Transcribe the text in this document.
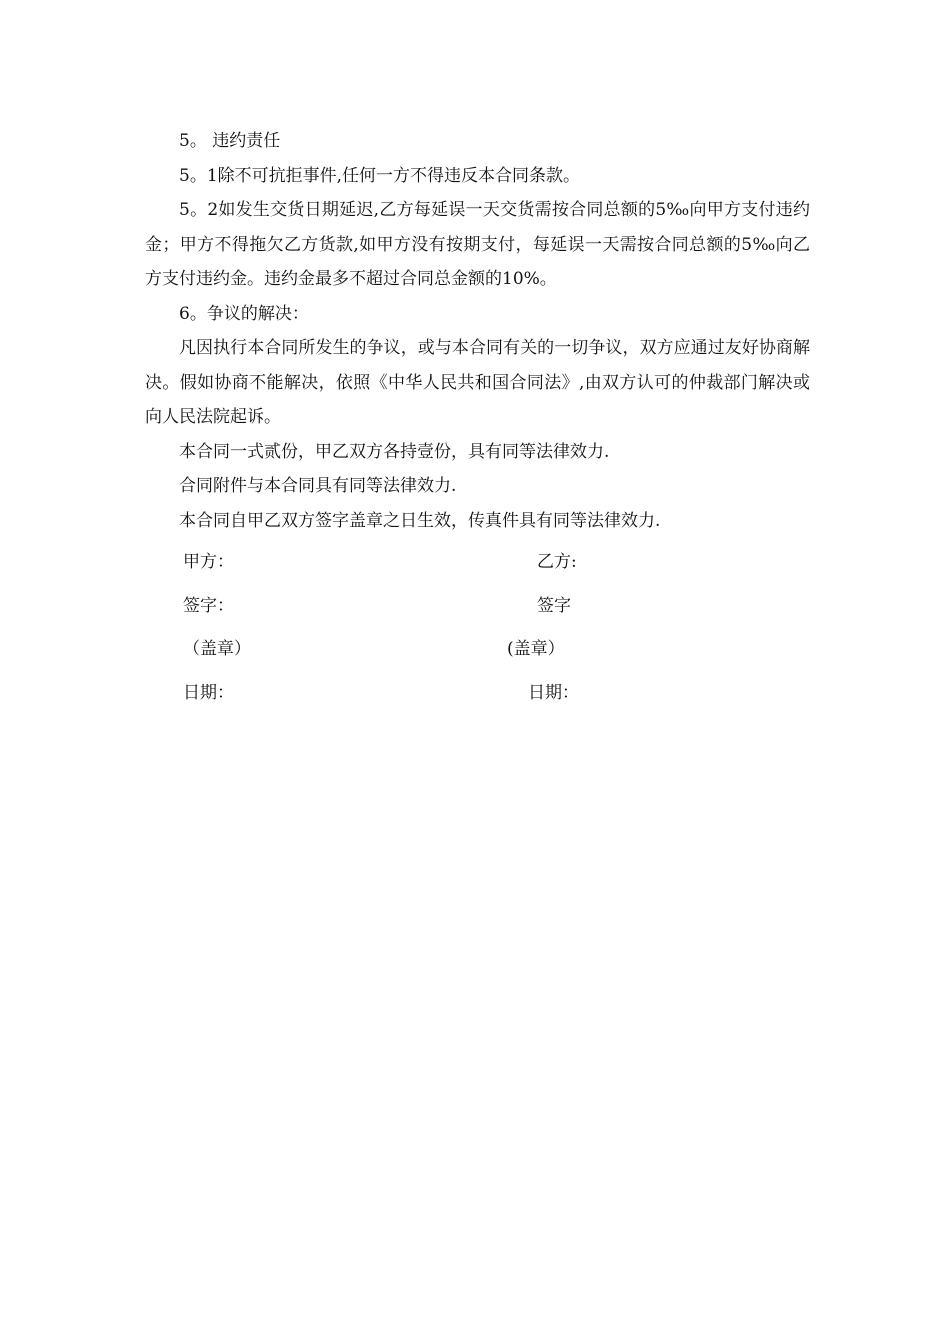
5。 违约责任

5。1除不可抗拒事件,任何一方不得违反本合同条款。

5。2如发生交货日期延迟,乙方每延误一天交货需按合同总额的5‰向甲方支付违约金；甲方不得拖欠乙方货款,如甲方没有按期支付，每延误一天需按合同总额的5‰向乙方支付违约金。违约金最多不超过合同总金额的10%。

6。争议的解决：

凡因执行本合同所发生的争议，或与本合同有关的一切争议，双方应通过友好协商解决。假如协商不能解决，依照《中华人民共和国合同法》,由双方认可的仲裁部门解决或向人民法院起诉。

本合同一式贰份，甲乙双方各持壹份，具有同等法律效力.

合同附件与本合同具有同等法律效力.

本合同自甲乙双方签字盖章之日生效，传真件具有同等法律效力.

甲方：	乙方:
签字：	签字
（盖章）	(盖章）
日期：	日期：
